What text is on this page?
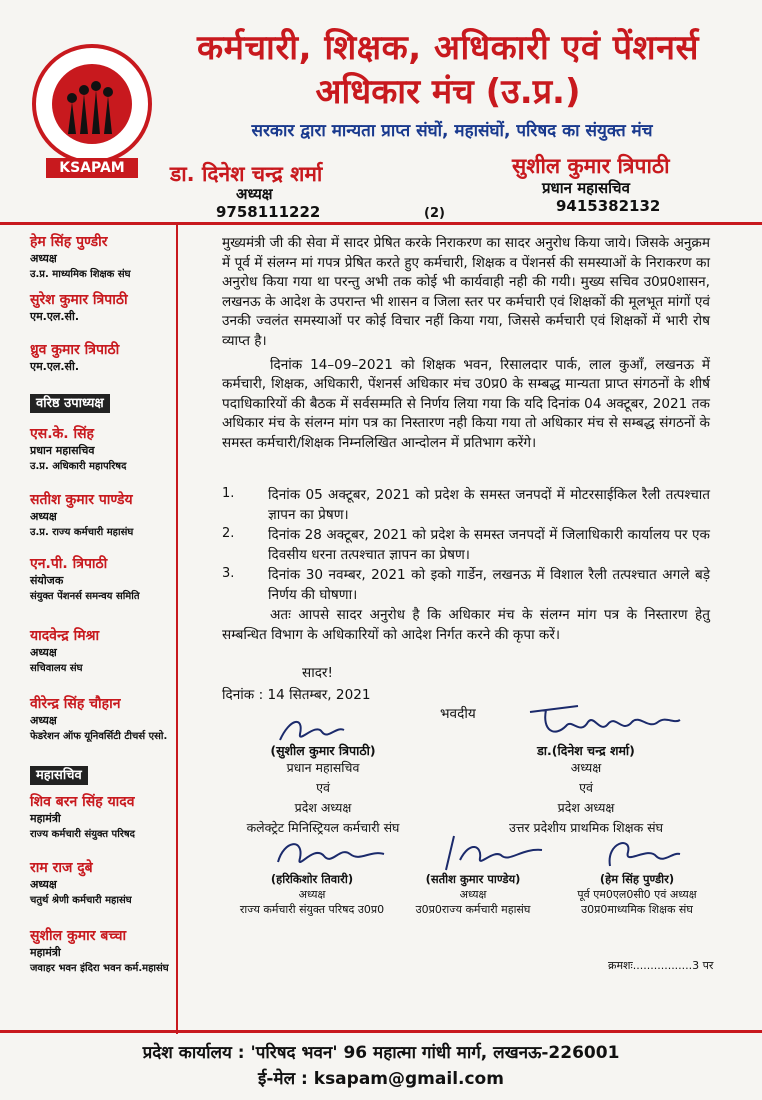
KSAPAM
कर्मचारी, शिक्षक, अधिकारी एवं पेंशनर्स
अधिकार मंच (उ.प्र.)
सरकार द्वारा मान्यता प्राप्त संघों, महासंघों, परिषद का संयुक्त मंच
डा. दिनेश चन्द्र शर्मा
अध्यक्ष
9758111222
सुशील कुमार त्रिपाठी
प्रधान महासचिव
9415382132
(2)
हेम सिंह पुण्डीर
अध्यक्ष
उ.प्र. माध्यमिक शिक्षक संघ
सुरेश कुमार त्रिपाठी
एम.एल.सी.
ध्रुव कुमार त्रिपाठी
एम.एल.सी.
वरिष्ठ उपाध्यक्ष
एस.के. सिंह
प्रधान महासचिव
उ.प्र. अधिकारी महापरिषद
सतीश कुमार पाण्डेय
अध्यक्ष
उ.प्र. राज्य कर्मचारी महासंघ
एन.पी. त्रिपाठी
संयोजक
संयुक्त पेंशनर्स समन्वय समिति
यादवेन्द्र मिश्रा
अध्यक्ष
सचिवालय संघ
वीरेन्द्र सिंह चौहान
अध्यक्ष
फेडरेशन ऑफ यूनिवर्सिटी टीचर्स एसो.
महासचिव
शिव बरन सिंह यादव
महामंत्री
राज्य कर्मचारी संयुक्त परिषद
राम राज दुबे
अध्यक्ष
चतुर्थ श्रेणी कर्मचारी महासंघ
सुशील कुमार बच्चा
महामंत्री
जवाहर भवन इंदिरा भवन कर्म.महासंघ
मुख्यमंत्री जी की सेवा में सादर प्रेषित करके निराकरण का सादर अनुरोध किया जाये। जिसके अनुक्रम में पूर्व में संलग्न मां गपत्र प्रेषित करते हुए कर्मचारी, शिक्षक व पेंशनर्स की समस्याओं के निराकरण का अनुरोध किया गया था परन्तु अभी तक कोई भी कार्यवाही नही की गयी। मुख्य सचिव उ0प्र0शासन, लखनऊ के आदेश के उपरान्त भी शासन व जिला स्तर पर कर्मचारी एवं शिक्षकों की मूलभूत मांगों एवं उनकी ज्वलंत समस्याओं पर कोई विचार नहीं किया गया, जिससे कर्मचारी एवं शिक्षकों में भारी रोष व्याप्त है।
दिनांक 14–09–2021 को शिक्षक भवन, रिसालदार पार्क, लाल कुआँ, लखनऊ में कर्मचारी, शिक्षक, अधिकारी, पेंशनर्स अधिकार मंच उ0प्र0 के सम्बद्ध मान्यता प्राप्त संगठनों के शीर्ष पदाधिकारियों की बैठक में सर्वसम्मति से निर्णय लिया गया कि यदि दिनांक 04 अक्टूबर, 2021 तक अधिकार मंच के संलग्न मांग पत्र का निस्तारण नही किया गया तो अधिकार मंच से सम्बद्ध संगठनों के समस्त कर्मचारी/शिक्षक निम्नलिखित आन्दोलन में प्रतिभाग करेंगे।
1.	दिनांक 05 अक्टूबर, 2021 को प्रदेश के समस्त जनपदों में मोटरसाईकिल रैली तत्पश्चात ज्ञापन का प्रेषण।
2.	दिनांक 28 अक्टूबर, 2021 को प्रदेश के समस्त जनपदों में जिलाधिकारी कार्यालय पर एक दिवसीय धरना तत्पश्चात ज्ञापन का प्रेषण।
3.	दिनांक 30 नवम्बर, 2021 को इको गार्डेन, लखनऊ में विशाल रैली तत्पश्चात अगले बड़े निर्णय की घोषणा।
अतः आपसे सादर अनुरोध है कि अधिकार मंच के संलग्न मांग पत्र के निस्तारण हेतु सम्बन्धित विभाग के अधिकारियों को आदेश निर्गत करने की कृपा करें।
सादर!
दिनांक : 14 सितम्बर, 2021
भवदीय
(सुशील कुमार त्रिपाठी)
प्रधान महासचिव
एवं
प्रदेश अध्यक्ष
कलेक्ट्रेट मिनिस्ट्रियल कर्मचारी संघ
डा.(दिनेश चन्द्र शर्मा)
अध्यक्ष
एवं
प्रदेश अध्यक्ष
उत्तर प्रदेशीय प्राथमिक शिक्षक संघ
(हरिकिशोर तिवारी)
अध्यक्ष
राज्य कर्मचारी संयुक्त परिषद उ0प्र0
(सतीश कुमार पाण्डेय)
अध्यक्ष
उ0प्र0राज्य कर्मचारी महासंघ
(हेम सिंह पुण्डीर)
पूर्व एम0एल0सी0 एवं अध्यक्ष
उ0प्र0माध्यमिक शिक्षक संघ
क्रमशः.................3 पर
प्रदेश कार्यालय : 'परिषद भवन' 96 महात्मा गांधी मार्ग, लखनऊ-226001
ई-मेल : ksapam@gmail.com
